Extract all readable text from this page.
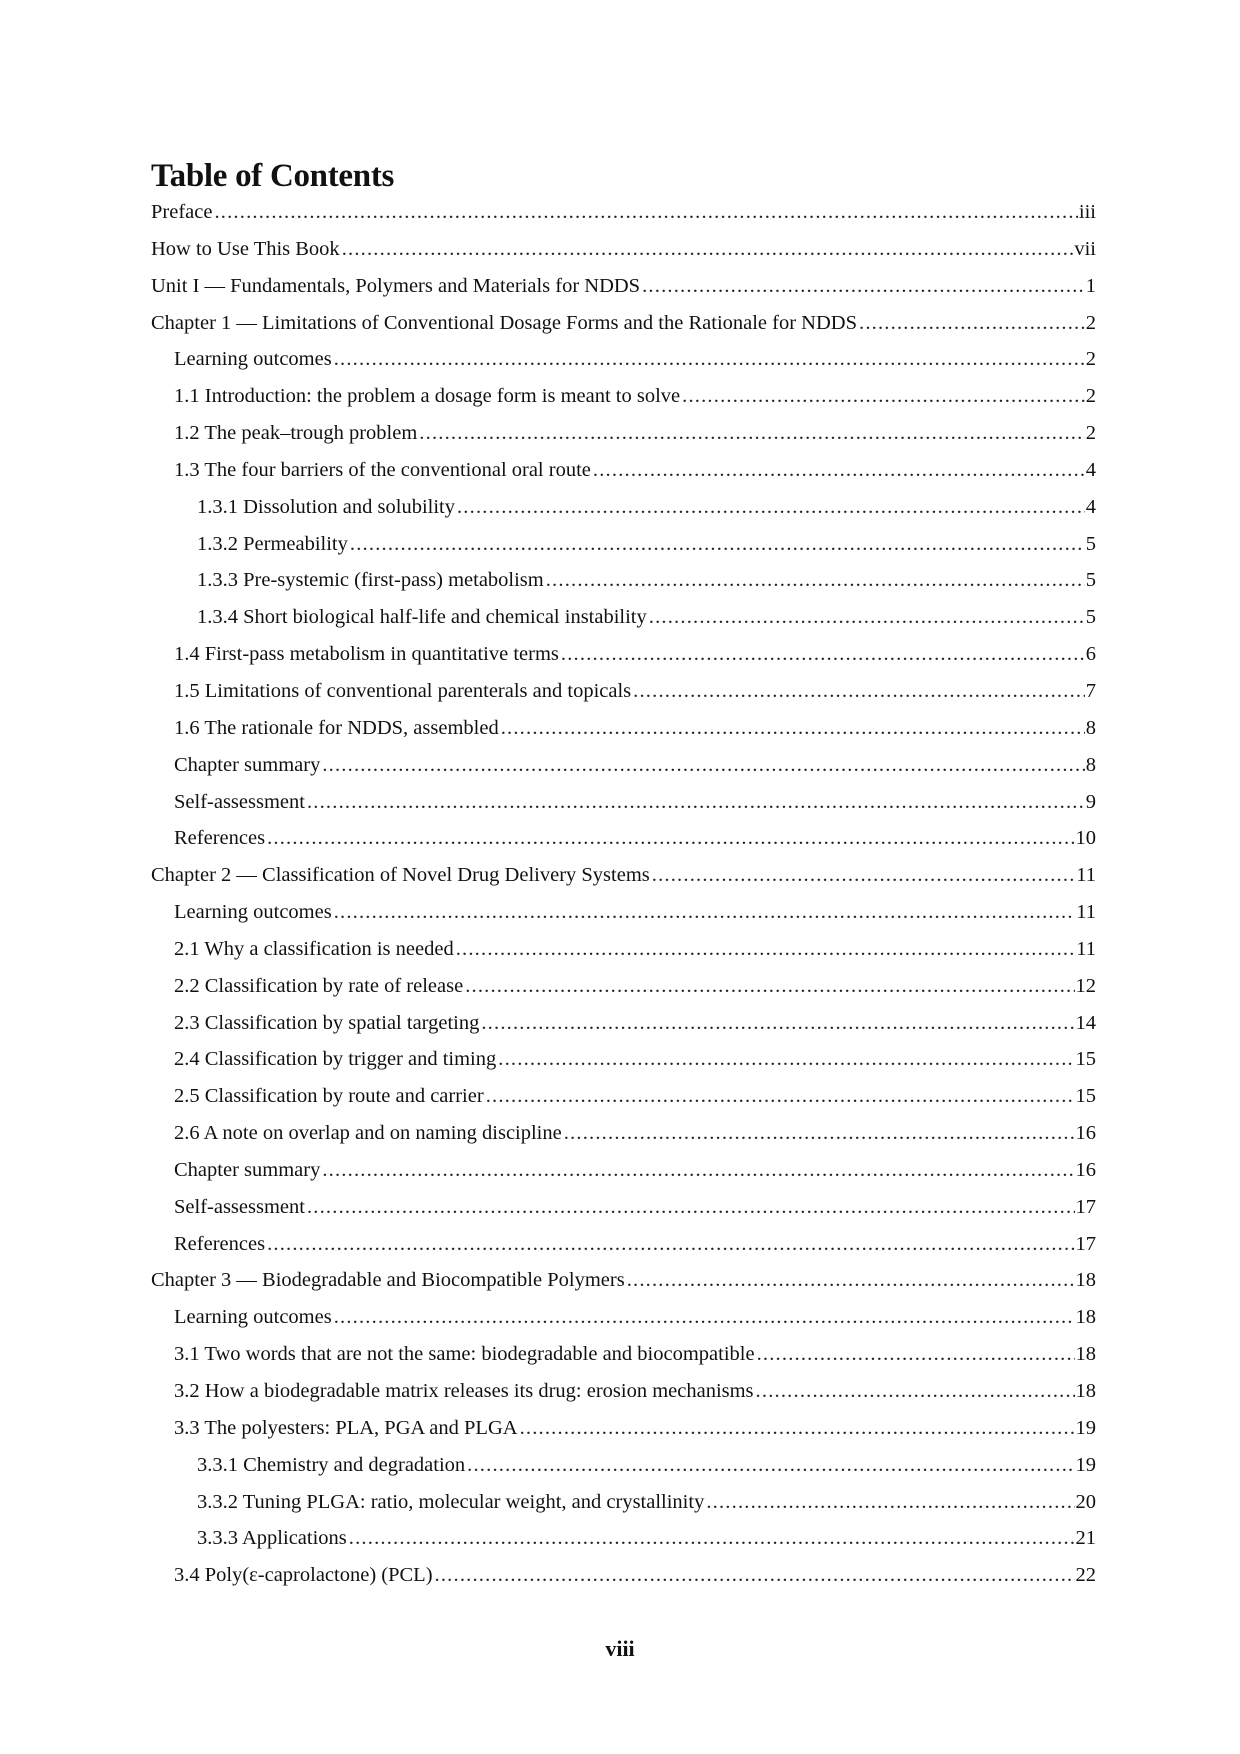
Table of Contents
Preface .....	iii
How to Use This Book .....	vii
Unit I — Fundamentals, Polymers and Materials for NDDS .....	1
Chapter 1 — Limitations of Conventional Dosage Forms and the Rationale for NDDS .....	2
Learning outcomes .....	2
1.1 Introduction: the problem a dosage form is meant to solve .....	2
1.2 The peak–trough problem .....	2
1.3 The four barriers of the conventional oral route .....	4
1.3.1 Dissolution and solubility .....	4
1.3.2 Permeability .....	5
1.3.3 Pre-systemic (first-pass) metabolism .....	5
1.3.4 Short biological half-life and chemical instability .....	5
1.4 First-pass metabolism in quantitative terms .....	6
1.5 Limitations of conventional parenterals and topicals .....	7
1.6 The rationale for NDDS, assembled .....	8
Chapter summary .....	8
Self-assessment .....	9
References .....	10
Chapter 2 — Classification of Novel Drug Delivery Systems .....	11
Learning outcomes .....	11
2.1 Why a classification is needed .....	11
2.2 Classification by rate of release .....	12
2.3 Classification by spatial targeting .....	14
2.4 Classification by trigger and timing .....	15
2.5 Classification by route and carrier .....	15
2.6 A note on overlap and on naming discipline .....	16
Chapter summary .....	16
Self-assessment .....	17
References .....	17
Chapter 3 — Biodegradable and Biocompatible Polymers .....	18
Learning outcomes .....	18
3.1 Two words that are not the same: biodegradable and biocompatible .....	18
3.2 How a biodegradable matrix releases its drug: erosion mechanisms .....	18
3.3 The polyesters: PLA, PGA and PLGA .....	19
3.3.1 Chemistry and degradation .....	19
3.3.2 Tuning PLGA: ratio, molecular weight, and crystallinity .....	20
3.3.3 Applications .....	21
3.4 Poly(ε-caprolactone) (PCL) .....	22
viii
